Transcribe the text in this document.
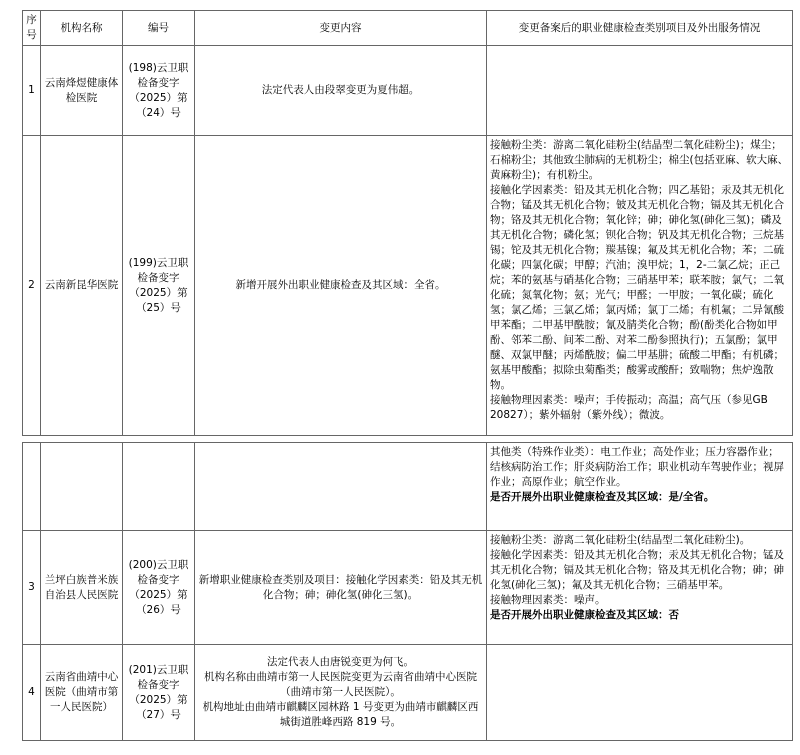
序号	机构名称	编号	变更内容	变更备案后的职业健康检查类别项目及外出服务情况
1	云南烽煜健康体检医院	(198)云卫职检备变字（2025）第（24）号	法定代表人由段翠变更为夏伟超。	
2	云南新昆华医院	(199)云卫职检备变字（2025）第（25）号	新增开展外出职业健康检查及其区域：全省。	接触粉尘类：游离二氧化硅粉尘(结晶型二氧化硅粉尘)；煤尘；石棉粉尘；其他致尘肺病的无机粉尘；棉尘(包括亚麻、软大麻、黄麻粉尘)；有机粉尘。

接触化学因素类：铅及其无机化合物；四乙基铅；汞及其无机化合物；锰及其无机化合物；铍及其无机化合物；镉及其无机化合物；铬及其无机化合物；氧化锌；砷；砷化氢(砷化三氢)；磷及其无机化合物；磷化氢；钡化合物；钒及其无机化合物；三烷基锡；铊及其无机化合物；羰基镍；氟及其无机化合物；苯；二硫化碳；四氯化碳；甲醇；汽油；溴甲烷；1，2-二氯乙烷；正己烷；苯的氨基与硝基化合物；三硝基甲苯；联苯胺；氯气；二氧化硫；氮氧化物；氨；光气；甲醛；一甲胺；一氧化碳；硫化氢；氯乙烯；三氯乙烯；氯丙烯；氯丁二烯；有机氟；二异氰酸甲苯酯；二甲基甲酰胺；氰及腈类化合物；酚(酚类化合物如甲酚、邻苯二酚、间苯二酚、对苯二酚参照执行)；五氯酚；氯甲醚、双氯甲醚；丙烯酰胺；偏二甲基肼；硫酸二甲酯；有机磷；氨基甲酸酯；拟除虫菊酯类；酸雾或酸酐；致喘物；焦炉逸散物。

接触物理因素类：噪声；手传振动；高温；高气压（参见GB 20827）；紫外辐射（紫外线）；微波。

				其他类（特殊作业类）：电工作业；高处作业；压力容器作业；结核病防治工作；肝炎病防治工作；职业机动车驾驶作业；视屏作业；高原作业；航空作业。

是否开展外出职业健康检查及其区域：是/全省。

3	兰坪白族普米族自治县人民医院	(200)云卫职检备变字（2025）第（26）号	新增职业健康检查类别及项目：接触化学因素类：铅及其无机化合物；砷；砷化氢(砷化三氢)。	接触粉尘类：游离二氧化硅粉尘(结晶型二氧化硅粉尘)。

接触化学因素类：铅及其无机化合物；汞及其无机化合物；锰及其无机化合物；镉及其无机化合物；铬及其无机化合物；砷；砷化氢(砷化三氢)；氟及其无机化合物；三硝基甲苯。

接触物理因素类：噪声。

是否开展外出职业健康检查及其区域：否

4	云南省曲靖中心医院（曲靖市第一人民医院）	(201)云卫职检备变字（2025）第（27）号	法定代表人由唐锐变更为何飞。
机构名称由曲靖市第一人民医院变更为云南省曲靖中心医院（曲靖市第一人民医院）。
机构地址由曲靖市麒麟区园林路 1 号变更为曲靖市麒麟区西城街道胜峰西路 819 号。	
